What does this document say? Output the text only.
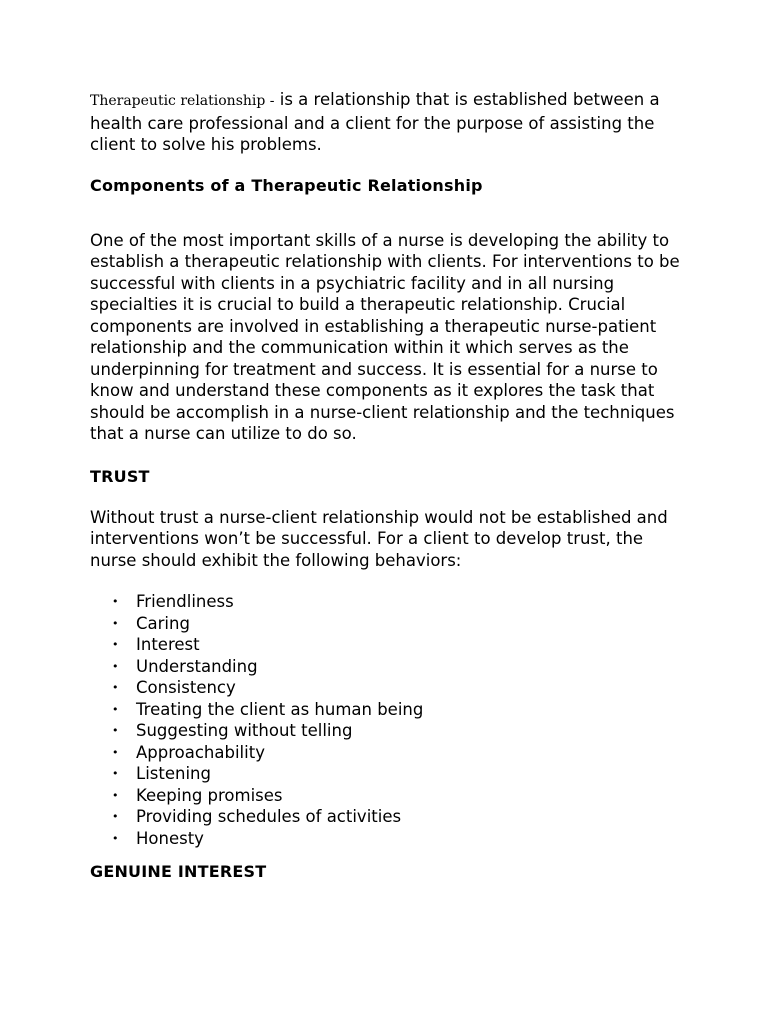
Therapeutic relationship - is a relationship that is established between a health care professional and a client for the purpose of assisting the client to solve his problems.

Components of a Therapeutic Relationship

One of the most important skills of a nurse is developing the ability to establish a therapeutic relationship with clients. For interventions to be successful with clients in a psychiatric facility and in all nursing specialties it is crucial to build a therapeutic relationship. Crucial components are involved in establishing a therapeutic nurse-patient relationship and the communication within it which serves as the underpinning for treatment and success. It is essential for a nurse to know and understand these components as it explores the task that should be accomplish in a nurse-client relationship and the techniques that a nurse can utilize to do so.

TRUST

Without trust a nurse-client relationship would not be established and interventions won’t be successful. For a client to develop trust, the nurse should exhibit the following behaviors:

• Friendliness
• Caring
• Interest
• Understanding
• Consistency
• Treating the client as human being
• Suggesting without telling
• Approachability
• Listening
• Keeping promises
• Providing schedules of activities
• Honesty
GENUINE INTEREST
